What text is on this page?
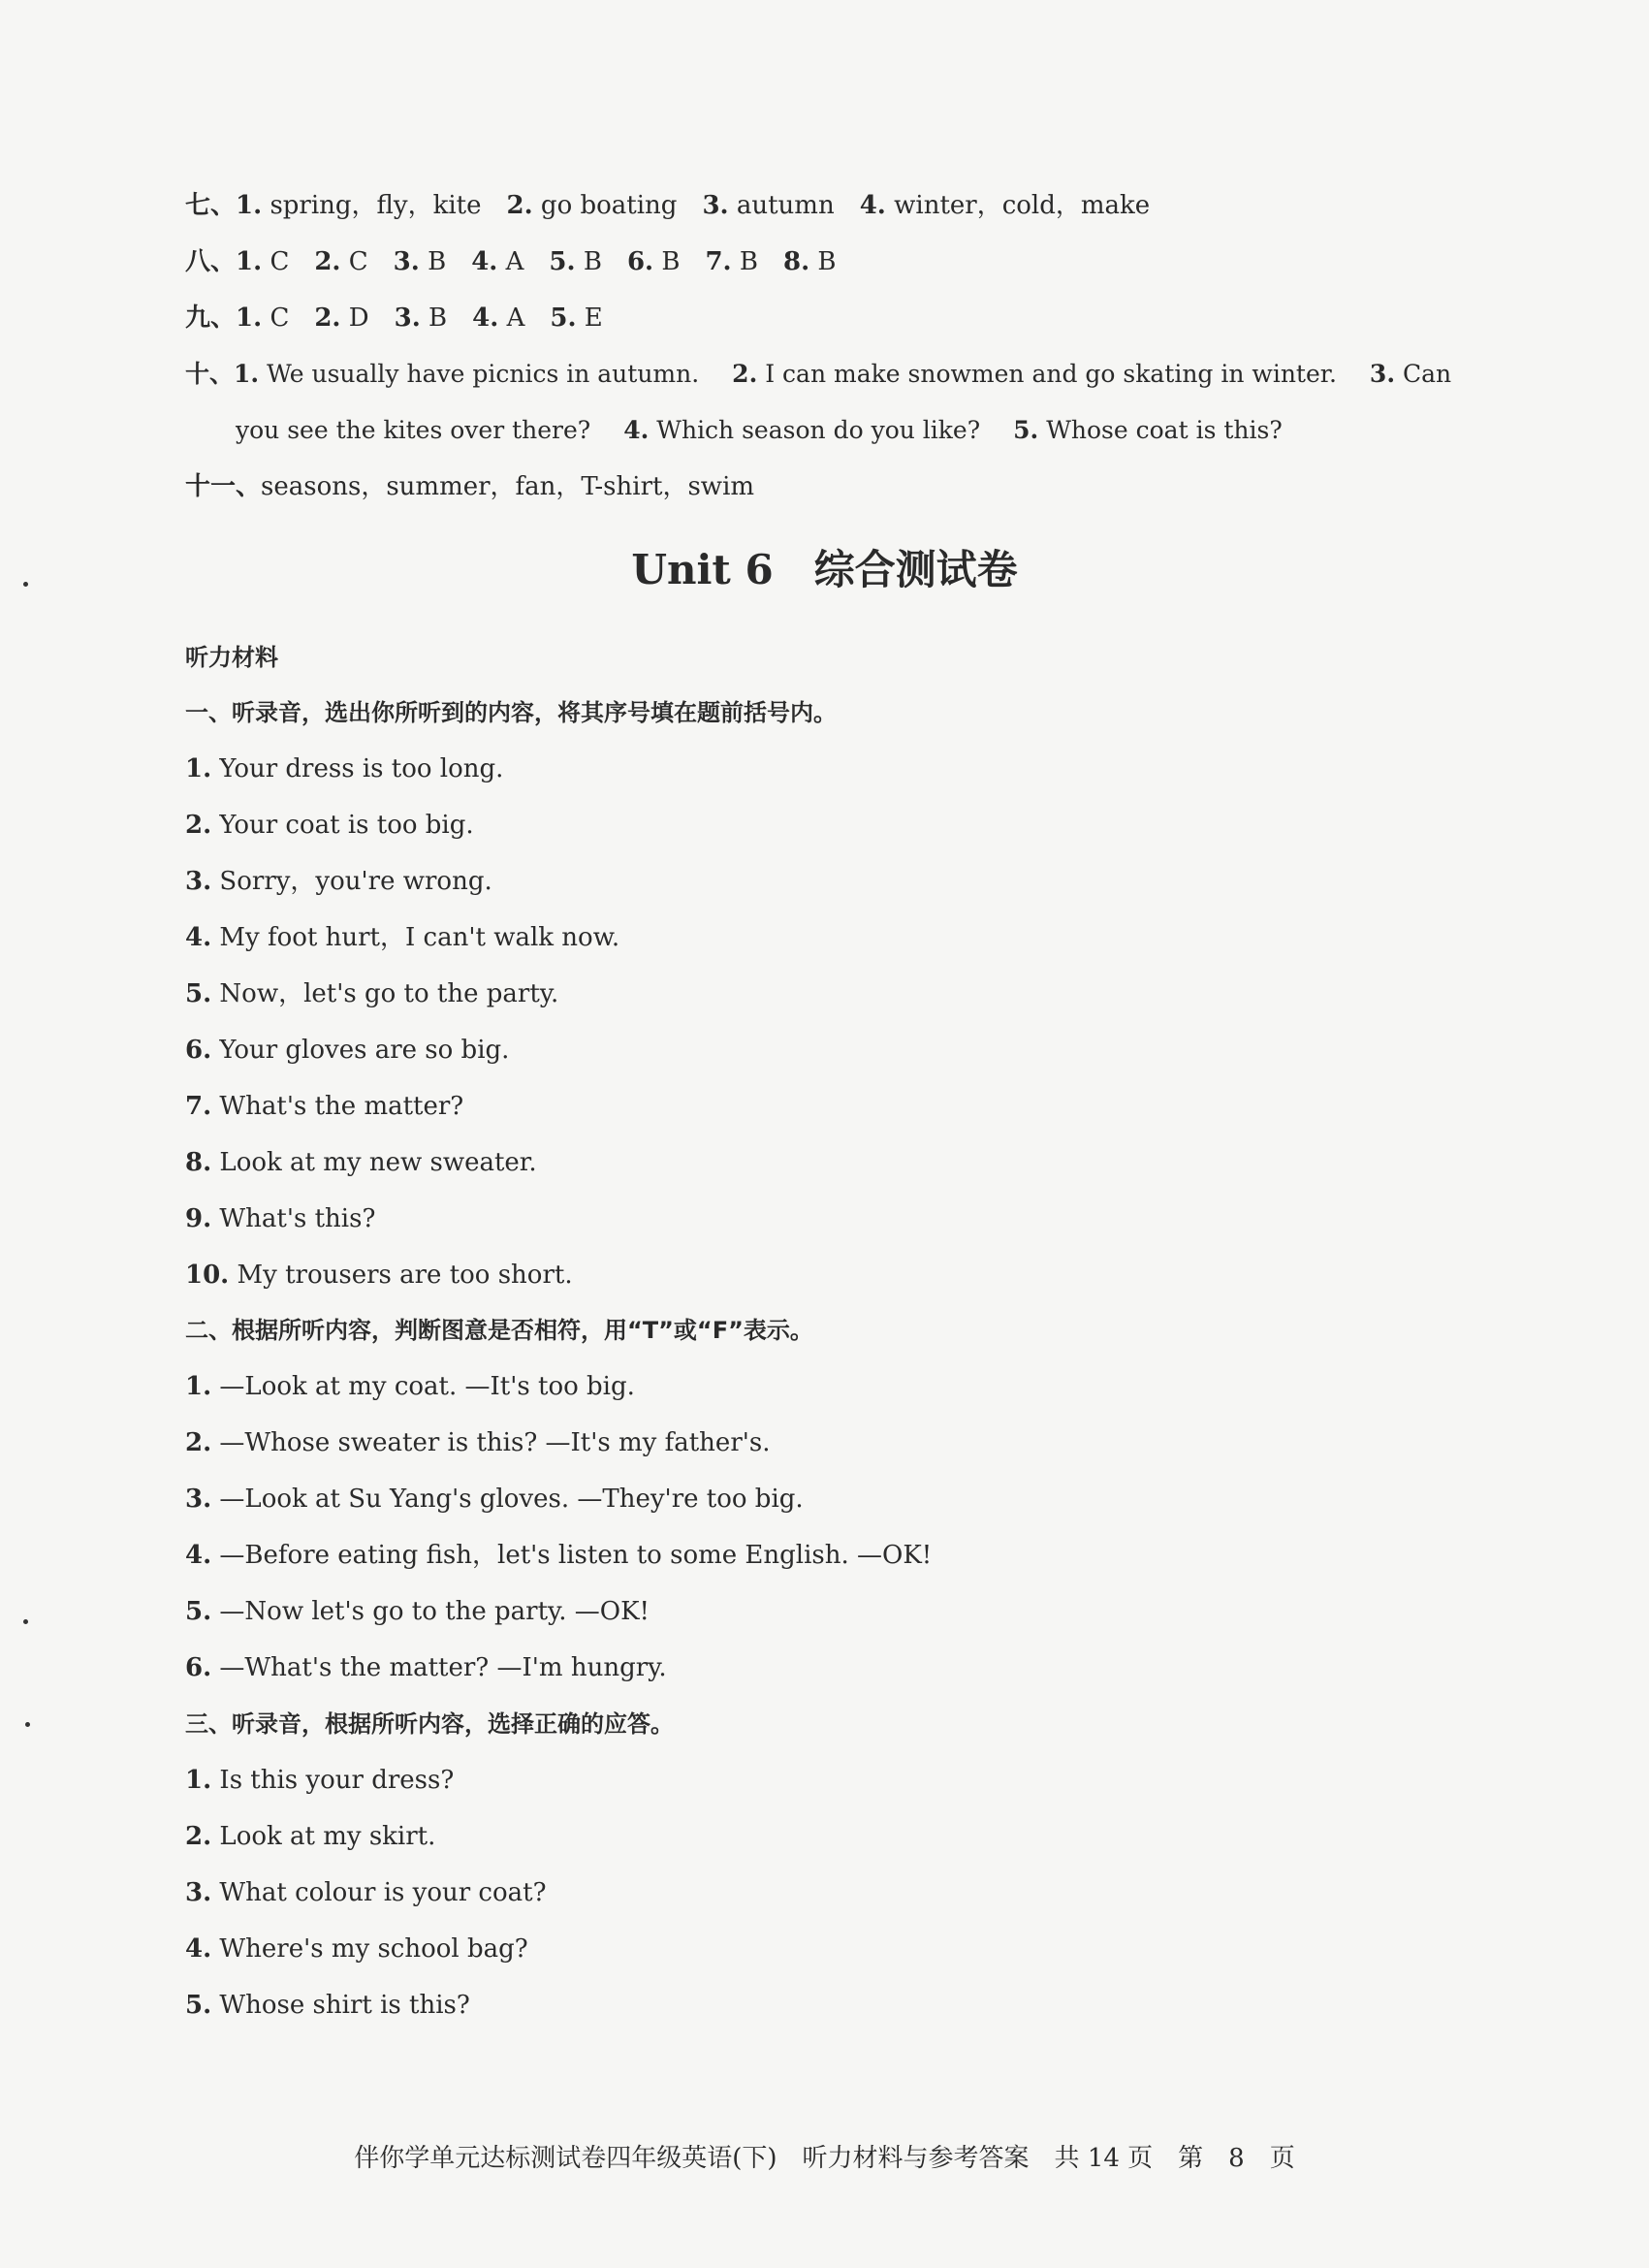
七、1. spring，fly，kite 2. go boating 3. autumn 4. winter，cold，make
八、1. C 2. C 3. B 4. A 5. B 6. B 7. B 8. B
九、1. C 2. D 3. B 4. A 5. E
十、1. We usually have picnics in autumn. 2. I can make snowmen and go skating in winter. 3. Can
you see the kites over there? 4. Which season do you like? 5. Whose coat is this?
十一、seasons，summer，fan，T-shirt，swim
Unit 6　综合测试卷
听力材料
一、听录音，选出你所听到的内容，将其序号填在题前括号内。
1. Your dress is too long.
2. Your coat is too big.
3. Sorry，you're wrong.
4. My foot hurt，I can't walk now.
5. Now，let's go to the party.
6. Your gloves are so big.
7. What's the matter?
8. Look at my new sweater.
9. What's this?
10. My trousers are too short.
二、根据所听内容，判断图意是否相符，用“T”或“F”表示。
1. —Look at my coat. —It's too big.
2. —Whose sweater is this? —It's my father's.
3. —Look at Su Yang's gloves. —They're too big.
4. —Before eating fish，let's listen to some English. —OK!
5. —Now let's go to the party. —OK!
6. —What's the matter? —I'm hungry.
三、听录音，根据所听内容，选择正确的应答。
1. Is this your dress?
2. Look at my skirt.
3. What colour is your coat?
4. Where's my school bag?
5. Whose shirt is this?
伴你学单元达标测试卷四年级英语(下)　听力材料与参考答案　共 14 页　第　8　页
